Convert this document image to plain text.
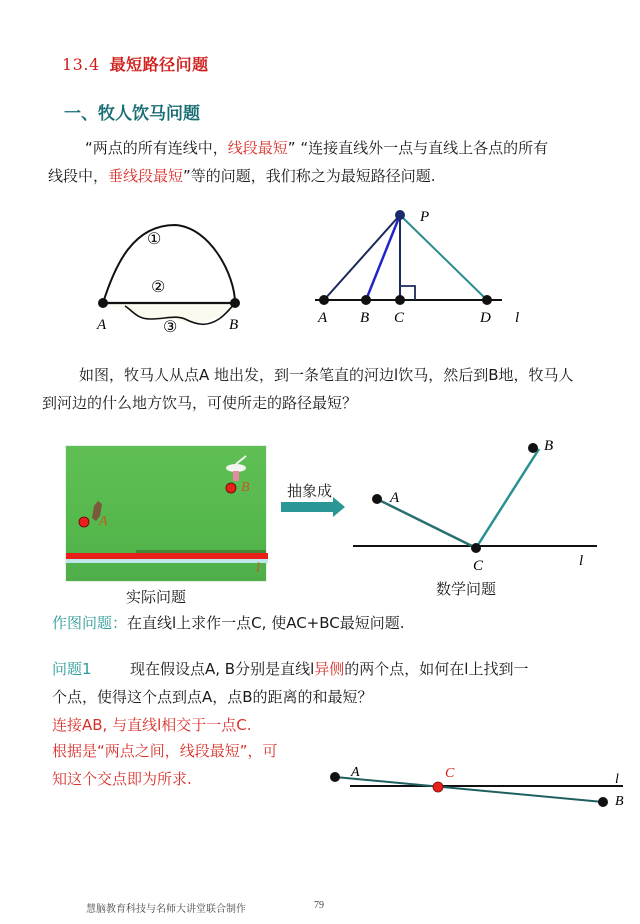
13.4 最短路径问题
一、牧人饮马问题
“两点的所有连线中，线段最短” “连接直线外一点与直线上各点的所有
线段中，垂线段最短”等的问题，我们称之为最短路径问题.
①
②
③
A	B
P
A B C	D l
如图，牧马人从点A 地出发，到一条笔直的河边l饮马，然后到B地，牧马人
到河边的什么地方饮马，可使所走的路径最短？
B
A
l
实际问题
抽象成	A
B
C	l
数学问题
作图问题：在直线l上求作一点C, 使AC+BC最短问题.
问题1	现在假设点A, B分别是直线l异侧的两个点，如何在l上找到一
个点，使得这个点到点A，点B的距离的和最短？
连接AB, 与直线l相交于一点C.
根据是“两点之间，线段最短”，可
知这个交点即为所求.	A	C	l
B
慧脑教育科技与名师大讲堂联合制作	79
